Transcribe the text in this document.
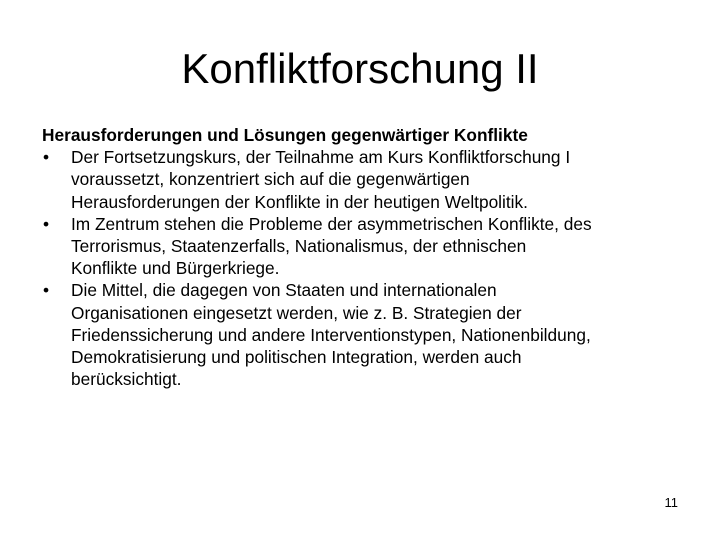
Konfliktforschung II
Herausforderungen und Lösungen gegenwärtiger Konflikte
• Der Fortsetzungskurs, der Teilnahme am Kurs Konfliktforschung I
voraussetzt, konzentriert sich auf die gegenwärtigen
Herausforderungen der Konflikte in der heutigen Weltpolitik.
• Im Zentrum stehen die Probleme der asymmetrischen Konflikte, des
Terrorismus, Staatenzerfalls, Nationalismus, der ethnischen
Konflikte und Bürgerkriege.
• Die Mittel, die dagegen von Staaten und internationalen
Organisationen eingesetzt werden, wie z. B. Strategien der
Friedenssicherung und andere Interventionstypen, Nationenbildung,
Demokratisierung und politischen Integration, werden auch
berücksichtigt.
11
